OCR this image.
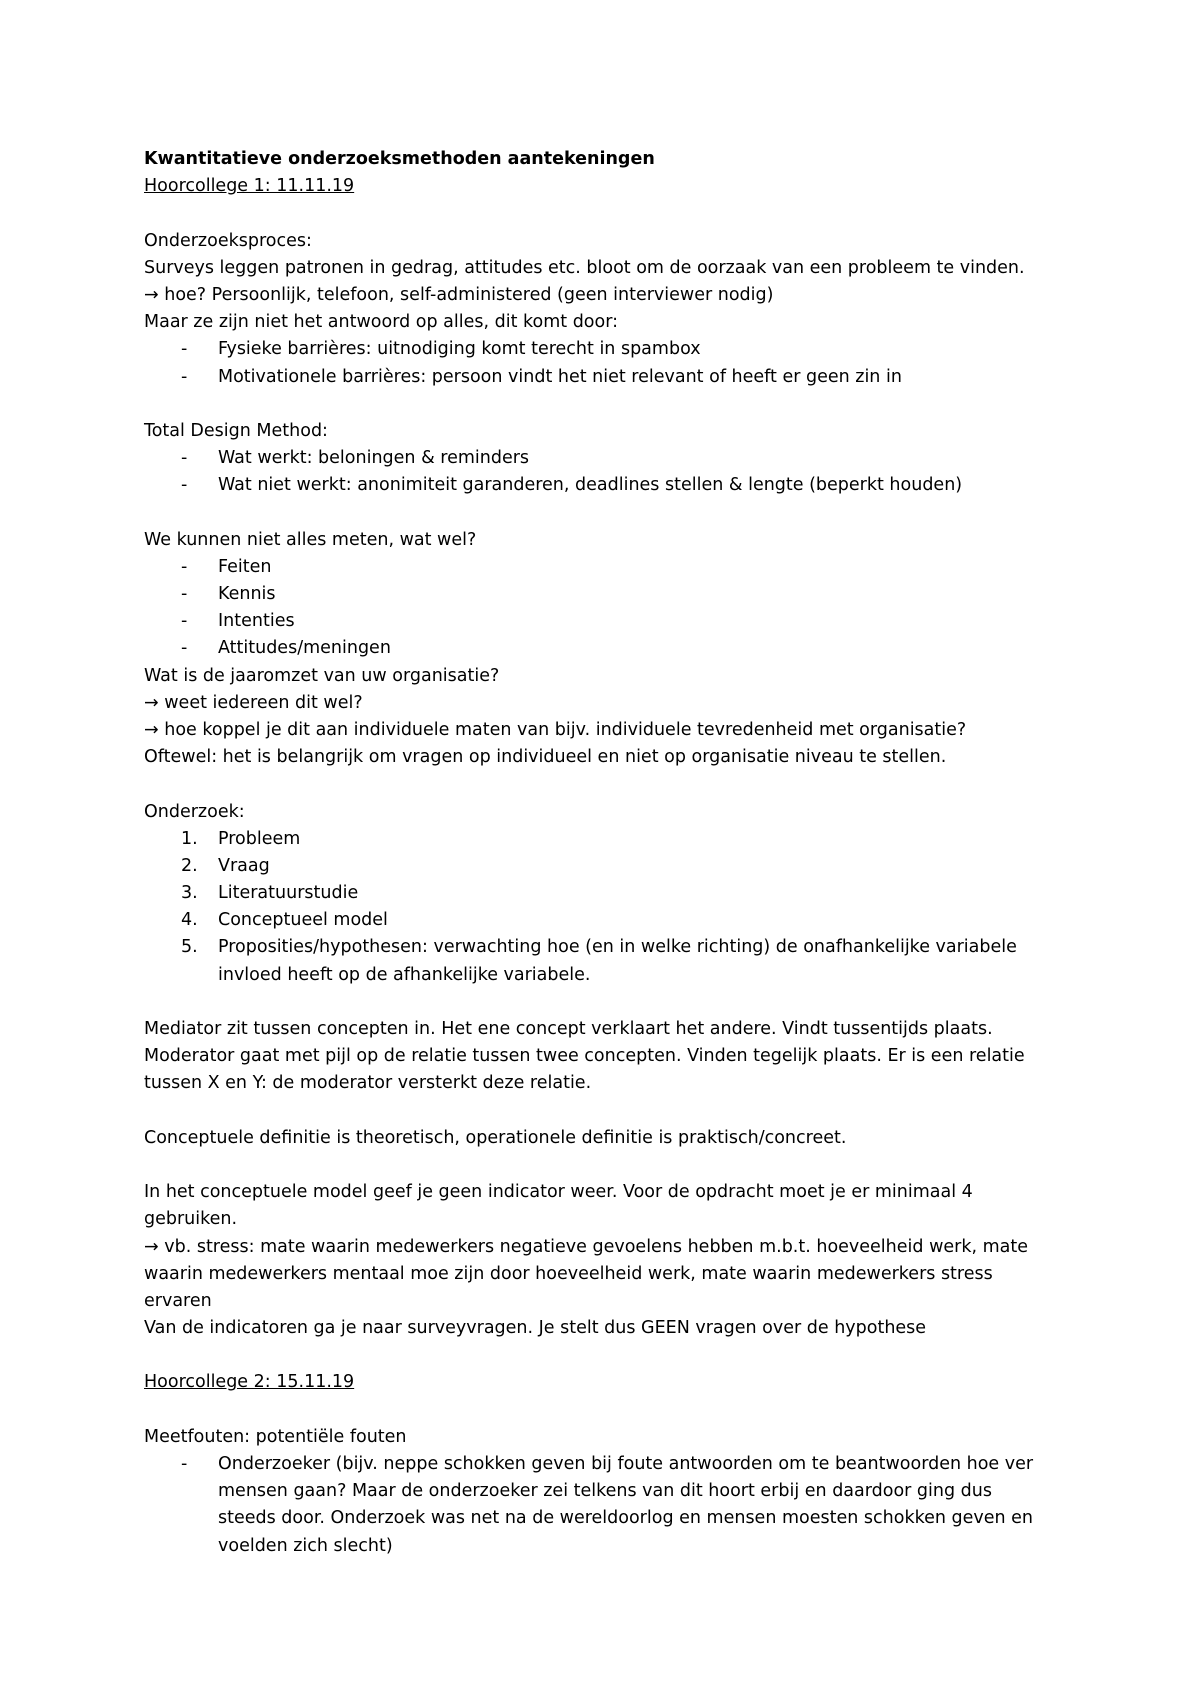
Kwantitatieve onderzoeksmethoden aantekeningen
Hoorcollege 1: 11.11.19
Onderzoeksproces:
Surveys leggen patronen in gedrag, attitudes etc. bloot om de oorzaak van een probleem te vinden.
→ hoe? Persoonlijk, telefoon, self-administered (geen interviewer nodig)
Maar ze zijn niet het antwoord op alles, dit komt door:
- Fysieke barrières: uitnodiging komt terecht in spambox
- Motivationele barrières: persoon vindt het niet relevant of heeft er geen zin in
Total Design Method:
- Wat werkt: beloningen & reminders
- Wat niet werkt: anonimiteit garanderen, deadlines stellen & lengte (beperkt houden)
We kunnen niet alles meten, wat wel?
- Feiten
- Kennis
- Intenties
- Attitudes/meningen
Wat is de jaaromzet van uw organisatie?
→ weet iedereen dit wel?
→ hoe koppel je dit aan individuele maten van bijv. individuele tevredenheid met organisatie?
Oftewel: het is belangrijk om vragen op individueel en niet op organisatie niveau te stellen.
Onderzoek:
1. Probleem
2. Vraag
3. Literatuurstudie
4. Conceptueel model
5. Proposities/hypothesen: verwachting hoe (en in welke richting) de onafhankelijke variabele
invloed heeft op de afhankelijke variabele.
Mediator zit tussen concepten in. Het ene concept verklaart het andere. Vindt tussentijds plaats.
Moderator gaat met pijl op de relatie tussen twee concepten. Vinden tegelijk plaats. Er is een relatie
tussen X en Y: de moderator versterkt deze relatie.
Conceptuele definitie is theoretisch, operationele definitie is praktisch/concreet.
In het conceptuele model geef je geen indicator weer. Voor de opdracht moet je er minimaal 4
gebruiken.
→ vb. stress: mate waarin medewerkers negatieve gevoelens hebben m.b.t. hoeveelheid werk, mate
waarin medewerkers mentaal moe zijn door hoeveelheid werk, mate waarin medewerkers stress
ervaren
Van de indicatoren ga je naar surveyvragen. Je stelt dus GEEN vragen over de hypothese
Hoorcollege 2: 15.11.19
Meetfouten: potentiële fouten
- Onderzoeker (bijv. neppe schokken geven bij foute antwoorden om te beantwoorden hoe ver
mensen gaan? Maar de onderzoeker zei telkens van dit hoort erbij en daardoor ging dus
steeds door. Onderzoek was net na de wereldoorlog en mensen moesten schokken geven en
voelden zich slecht)
